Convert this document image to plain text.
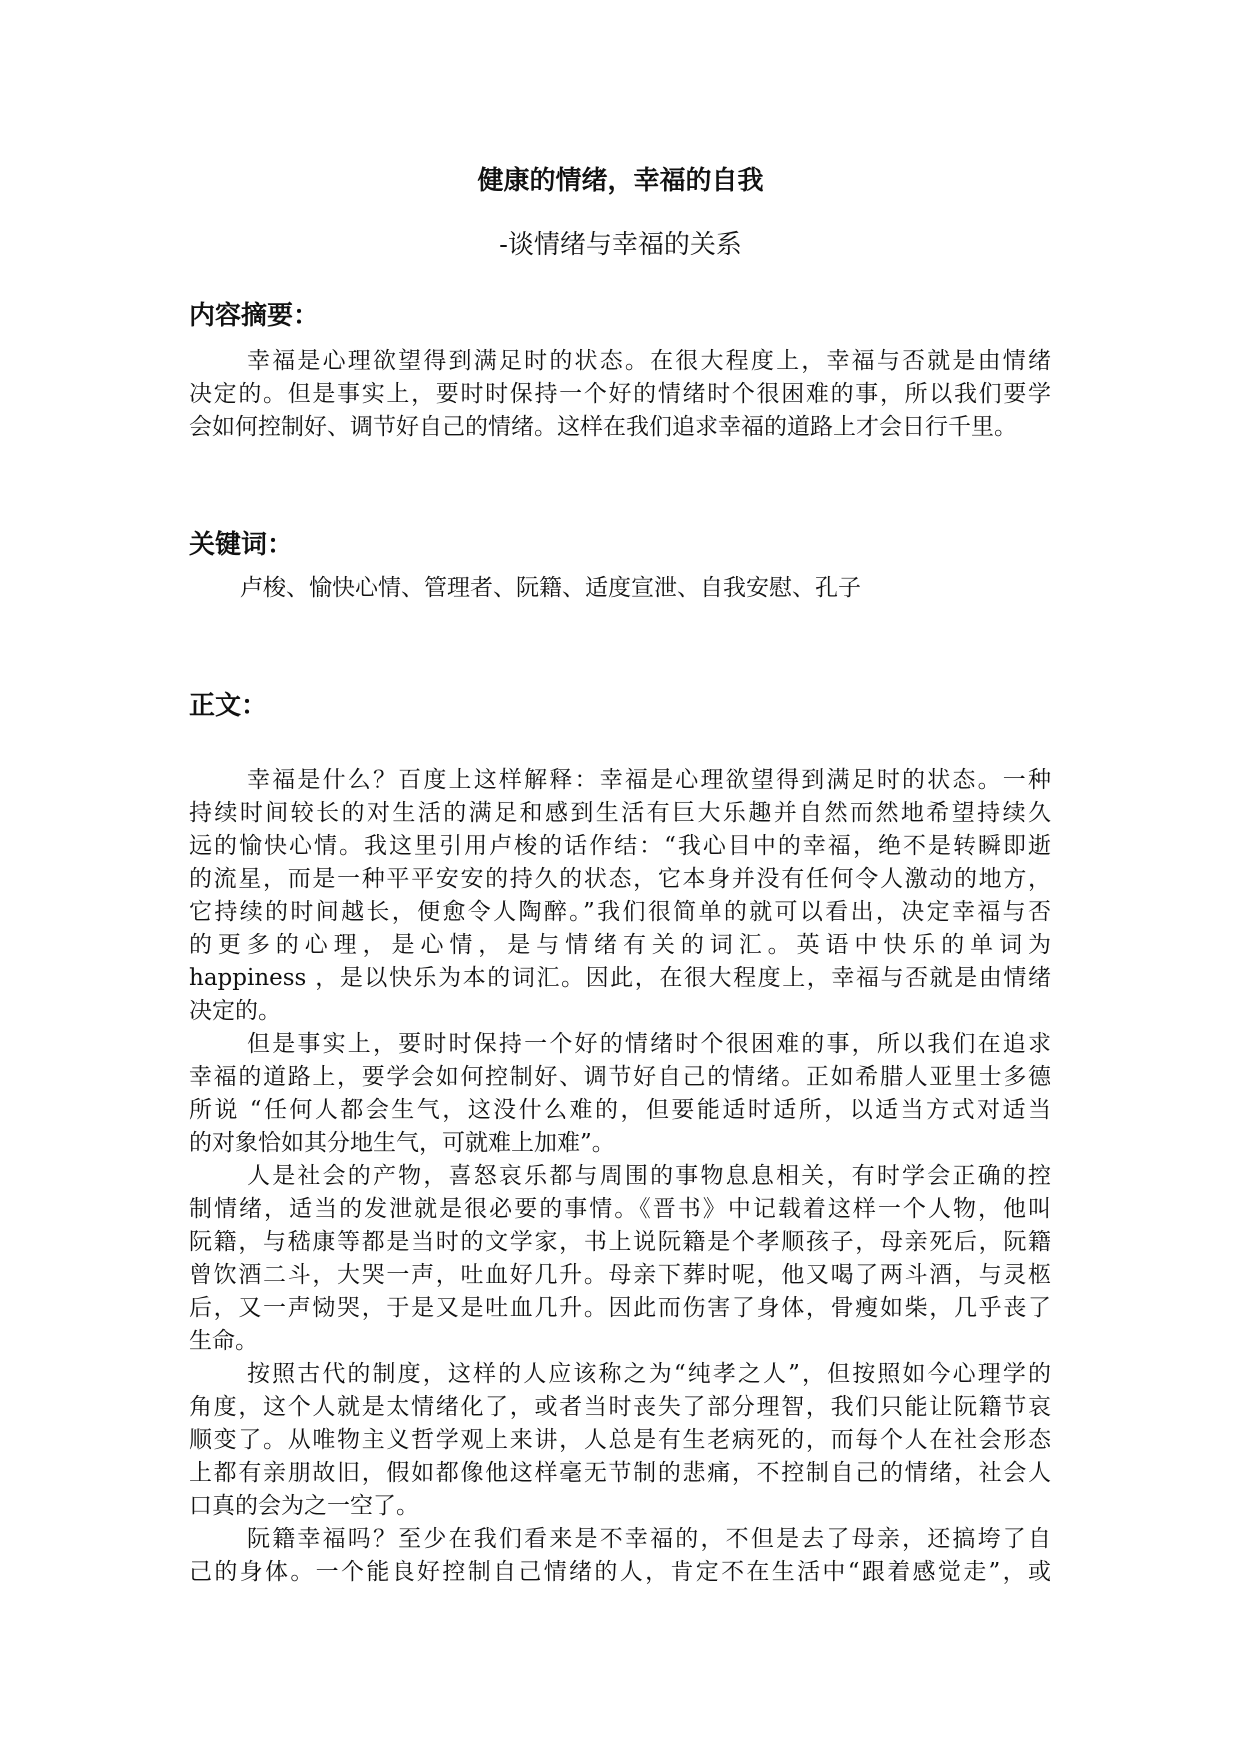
健康的情绪，幸福的自我
-谈情绪与幸福的关系
内容摘要：
幸福是心理欲望得到满足时的状态。在很大程度上，幸福与否就是由情绪
决定的。但是事实上，要时时保持一个好的情绪时个很困难的事，所以我们要学
会如何控制好、调节好自己的情绪。这样在我们追求幸福的道路上才会日行千里。
关键词：
卢梭、愉快心情、管理者、阮籍、适度宣泄、自我安慰、孔子
正文：
幸福是什么？百度上这样解释：幸福是心理欲望得到满足时的状态。一种
持续时间较长的对生活的满足和感到生活有巨大乐趣并自然而然地希望持续久
远的愉快心情。我这里引用卢梭的话作结：“我心目中的幸福，绝不是转瞬即逝
的流星，而是一种平平安安的持久的状态，它本身并没有任何令人激动的地方，
它持续的时间越长，便愈令人陶醉。”我们很简单的就可以看出，决定幸福与否
的更多的心理，是心情，是与情绪有关的词汇。英语中快乐的单词为
happiness ，是以快乐为本的词汇。因此，在很大程度上，幸福与否就是由情绪
决定的。
但是事实上，要时时保持一个好的情绪时个很困难的事，所以我们在追求
幸福的道路上，要学会如何控制好、调节好自己的情绪。正如希腊人亚里士多德
所说 “任何人都会生气，这没什么难的，但要能适时适所，以适当方式对适当
的对象恰如其分地生气，可就难上加难”。
人是社会的产物，喜怒哀乐都与周围的事物息息相关，有时学会正确的控
制情绪，适当的发泄就是很必要的事情。《晋书》中记载着这样一个人物，他叫
阮籍，与嵇康等都是当时的文学家，书上说阮籍是个孝顺孩子，母亲死后，阮籍
曾饮酒二斗，大哭一声，吐血好几升。母亲下葬时呢，他又喝了两斗酒，与灵柩
后，又一声恸哭，于是又是吐血几升。因此而伤害了身体，骨瘦如柴，几乎丧了
生命。
按照古代的制度，这样的人应该称之为“纯孝之人”，但按照如今心理学的
角度，这个人就是太情绪化了，或者当时丧失了部分理智，我们只能让阮籍节哀
顺变了。从唯物主义哲学观上来讲，人总是有生老病死的，而每个人在社会形态
上都有亲朋故旧，假如都像他这样毫无节制的悲痛，不控制自己的情绪，社会人
口真的会为之一空了。
阮籍幸福吗？至少在我们看来是不幸福的，不但是去了母亲，还搞垮了自
己的身体。一个能良好控制自己情绪的人，肯定不在生活中“跟着感觉走”，或
